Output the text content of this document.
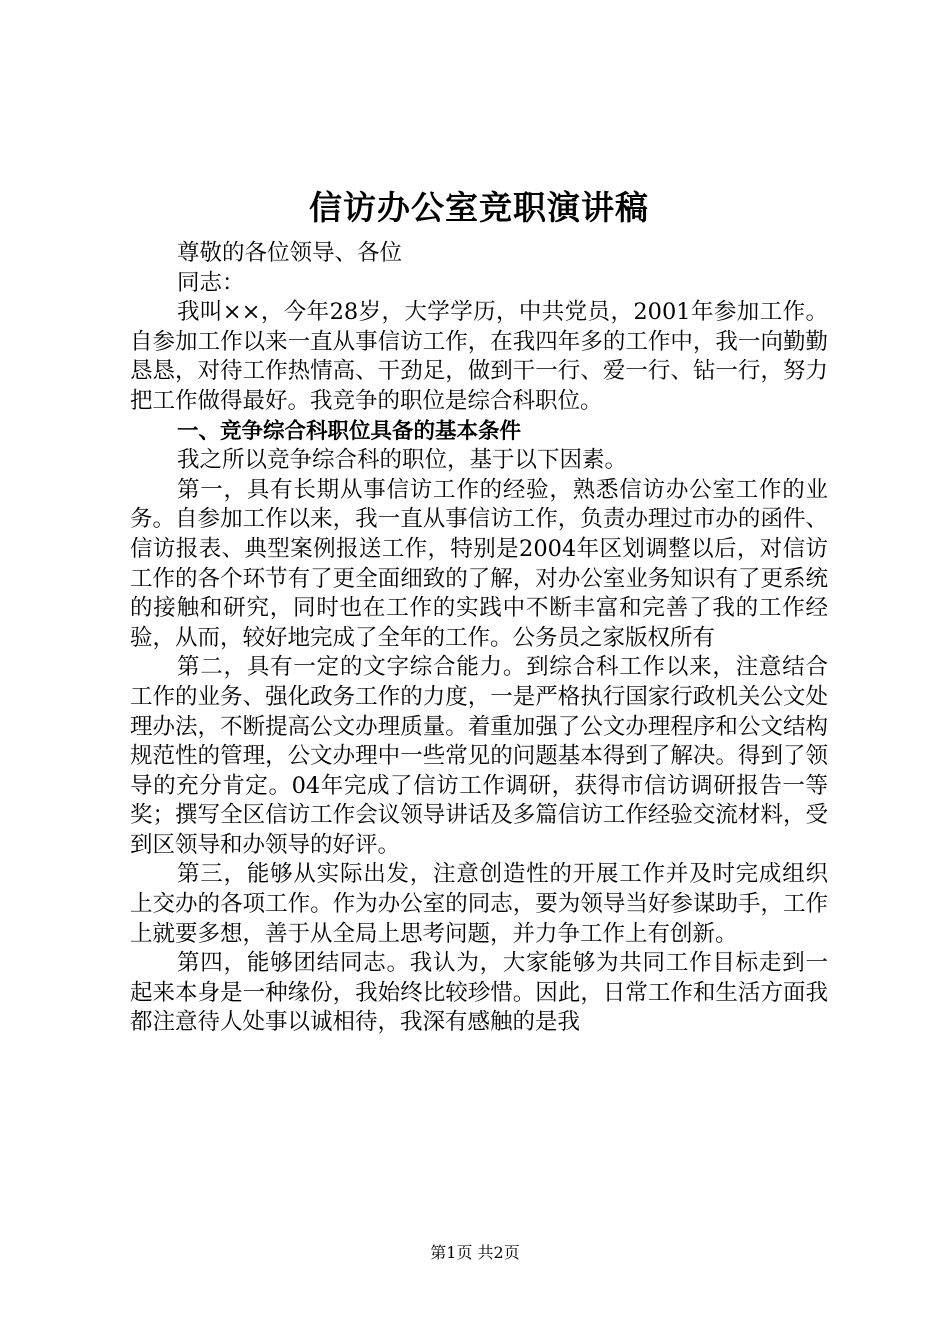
信访办公室竞职演讲稿

尊敬的各位领导、各位

同志：

我叫××，今年28岁，大学学历，中共党员，2001年参加工作。自参加工作以来一直从事信访工作，在我四年多的工作中，我一向勤勤恳恳，对待工作热情高、干劲足，做到干一行、爱一行、钻一行，努力把工作做得最好。我竞争的职位是综合科职位。

一、竞争综合科职位具备的基本条件

我之所以竞争综合科的职位，基于以下因素。

第一，具有长期从事信访工作的经验，熟悉信访办公室工作的业务。自参加工作以来，我一直从事信访工作，负责办理过市办的函件、信访报表、典型案例报送工作，特别是2004年区划调整以后，对信访工作的各个环节有了更全面细致的了解，对办公室业务知识有了更系统的接触和研究，同时也在工作的实践中不断丰富和完善了我的工作经验，从而，较好地完成了全年的工作。公务员之家版权所有

第二，具有一定的文字综合能力。到综合科工作以来，注意结合工作的业务、强化政务工作的力度，一是严格执行国家行政机关公文处理办法，不断提高公文办理质量。着重加强了公文办理程序和公文结构规范性的管理，公文办理中一些常见的问题基本得到了解决。得到了领导的充分肯定。04年完成了信访工作调研，获得市信访调研报告一等奖；撰写全区信访工作会议领导讲话及多篇信访工作经验交流材料，受到区领导和办领导的好评。

第三，能够从实际出发，注意创造性的开展工作并及时完成组织上交办的各项工作。作为办公室的同志，要为领导当好参谋助手，工作上就要多想，善于从全局上思考问题，并力争工作上有创新。

第四，能够团结同志。我认为，大家能够为共同工作目标走到一起来本身是一种缘份，我始终比较珍惜。因此，日常工作和生活方面我都注意待人处事以诚相待，我深有感触的是我

第1页 共2页
